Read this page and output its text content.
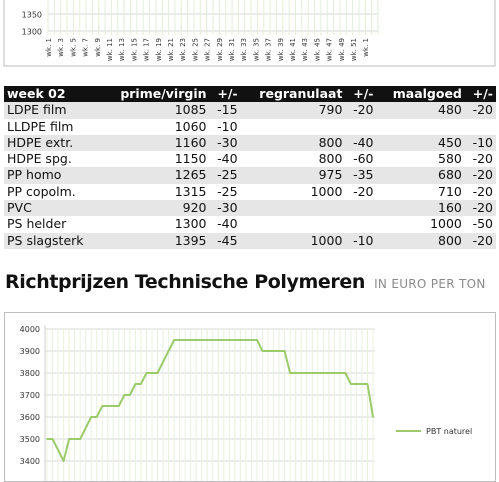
1350
1300
wk. 1 wk. 3 wk. 5 wk. 7 wk. 9 wk. 11 wk. 13 wk. 15 wk. 17 wk. 19 wk. 21 wk. 23 wk. 25 wk. 27 wk. 29 wk. 31 wk. 33 wk. 35 wk. 37 wk. 39 wk. 41 wk. 43 wk. 45 wk. 47 wk. 49 wk. 51 wk. 1
week 02	prime/virgin	+/-	regranulaat	+/-	maalgoed	+/-
LDPE film	1085	-15	790	-20	480	-20
LLDPE film	1060	-10				
HDPE extr.	1160	-30	800	-40	450	-10
HDPE spg.	1150	-40	800	-60	580	-20
PP homo	1265	-25	975	-35	680	-20
PP copolm.	1315	-25	1000	-20	710	-20
PVC	920	-30			160	-20
PS helder	1300	-40			1000	-50
PS slagsterk	1395	-45	1000	-10	800	-20
Richtprijzen Technische Polymeren IN EURO PER TON
4000
3900
3800
3700
3600
3500
3400
PBT naturel
